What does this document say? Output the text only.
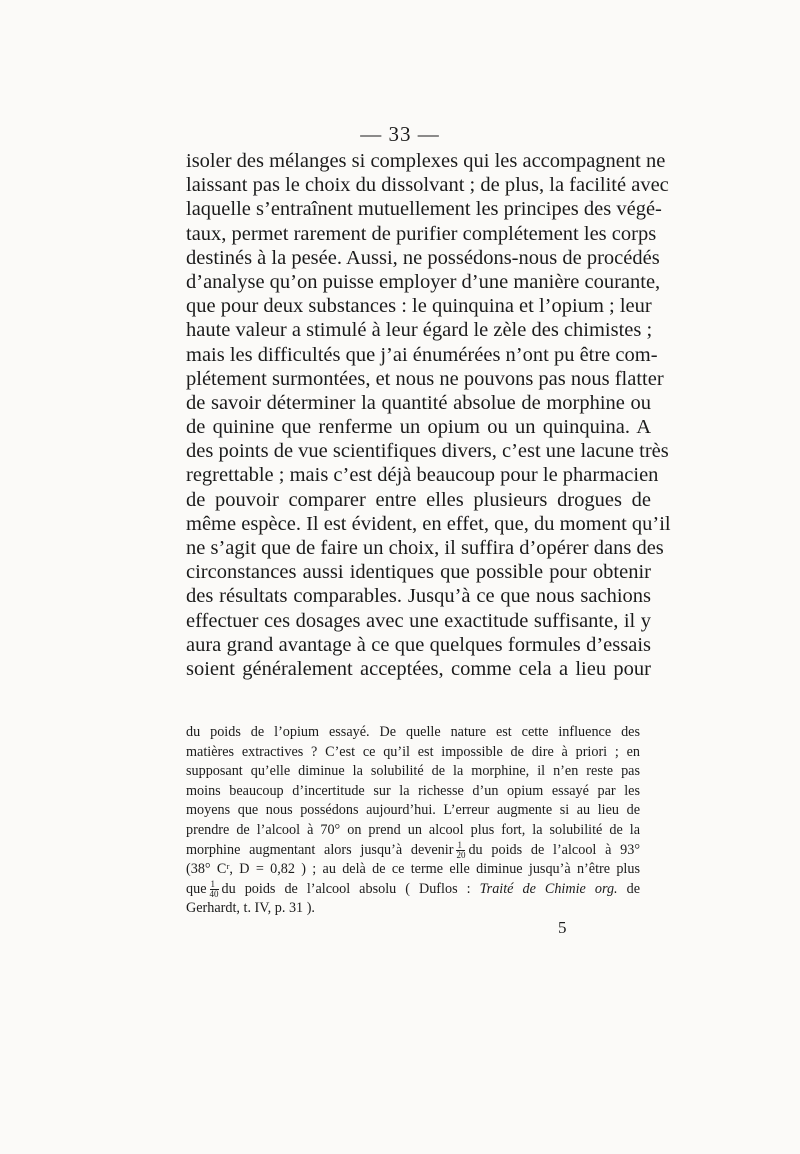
— 33 —
isoler des mélanges si complexes qui les accompagnent ne
laissant pas le choix du dissolvant ; de plus, la facilité avec
laquelle s’entraînent mutuellement les principes des végé-
taux, permet rarement de purifier complétement les corps
destinés à la pesée. Aussi, ne possédons-nous de procédés
d’analyse qu’on puisse employer d’une manière courante,
que pour deux substances : le quinquina et l’opium ; leur
haute valeur a stimulé à leur égard le zèle des chimistes ;
mais les difficultés que j’ai énumérées n’ont pu être com-
plétement surmontées, et nous ne pouvons pas nous flatter
de savoir déterminer la quantité absolue de morphine ou
de quinine que renferme un opium ou un quinquina. A
des points de vue scientifiques divers, c’est une lacune très
regrettable ; mais c’est déjà beaucoup pour le pharmacien
de pouvoir comparer entre elles plusieurs drogues de
même espèce. Il est évident, en effet, que, du moment qu’il
ne s’agit que de faire un choix, il suffira d’opérer dans des
circonstances aussi identiques que possible pour obtenir
des résultats comparables. Jusqu’à ce que nous sachions
effectuer ces dosages avec une exactitude suffisante, il y
aura grand avantage à ce que quelques formules d’essais
soient généralement acceptées, comme cela a lieu pour
du poids de l’opium essayé. De quelle nature est cette influence des
matières extractives ? C’est ce qu’il est impossible de dire à priori ; en
supposant qu’elle diminue la solubilité de la morphine, il n’en reste pas
moins beaucoup d’incertitude sur la richesse d’un opium essayé par les
moyens que nous possédons aujourd’hui. L’erreur augmente si au lieu de
prendre de l’alcool à 70° on prend un alcool plus fort, la solubilité de la
morphine augmentant alors jusqu’à devenir $\frac{1}{20}$ du poids de l’alcool à 93°
(38° Cʳ, D = 0,82 ) ; au delà de ce terme elle diminue jusqu’à n’être plus
que $\frac{1}{40}$ du poids de l’alcool absolu ( Duflos : Traité de Chimie org. de
Gerhardt, t. IV, p. 31 ).
5
